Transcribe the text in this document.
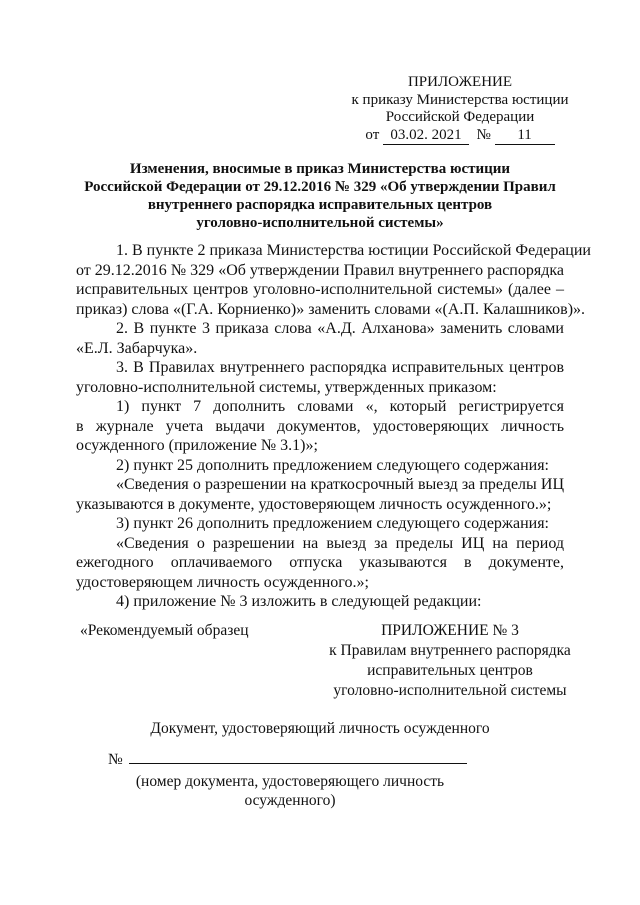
ПРИЛОЖЕНИЕ
к приказу Министерства юстиции
Российской Федерации
от 03.02. 2021 № 11
Изменения, вносимые в приказ Министерства юстиции
Российской Федерации от 29.12.2016 № 329 «Об утверждении Правил
внутреннего распорядка исправительных центров
уголовно-исполнительной системы»
1. В пункте 2 приказа Министерства юстиции Российской Федерации
от 29.12.2016 № 329 «Об утверждении Правил внутреннего распорядка
исправительных центров уголовно-исполнительной системы» (далее –
приказ) слова «(Г.А. Корниенко)» заменить словами «(А.П. Калашников)».
2. В пункте 3 приказа слова «А.Д. Алханова» заменить словами
«Е.Л. Забарчука».
3. В Правилах внутреннего распорядка исправительных центров
уголовно-исполнительной системы, утвержденных приказом:
1) пункт 7 дополнить словами «, который регистрируется
в журнале учета выдачи документов, удостоверяющих личность
осужденного (приложение № 3.1)»;
2) пункт 25 дополнить предложением следующего содержания:
«Сведения о разрешении на краткосрочный выезд за пределы ИЦ
указываются в документе, удостоверяющем личность осужденного.»;
3) пункт 26 дополнить предложением следующего содержания:
«Сведения о разрешении на выезд за пределы ИЦ на период
ежегодного оплачиваемого отпуска указываются в документе,
удостоверяющем личность осужденного.»;
4) приложение № 3 изложить в следующей редакции:
«Рекомендуемый образец	ПРИЛОЖЕНИЕ № 3
к Правилам внутреннего распорядка
исправительных центров
уголовно-исполнительной системы
Документ, удостоверяющий личность осужденного
№
(номер документа, удостоверяющего личность
осужденного)
